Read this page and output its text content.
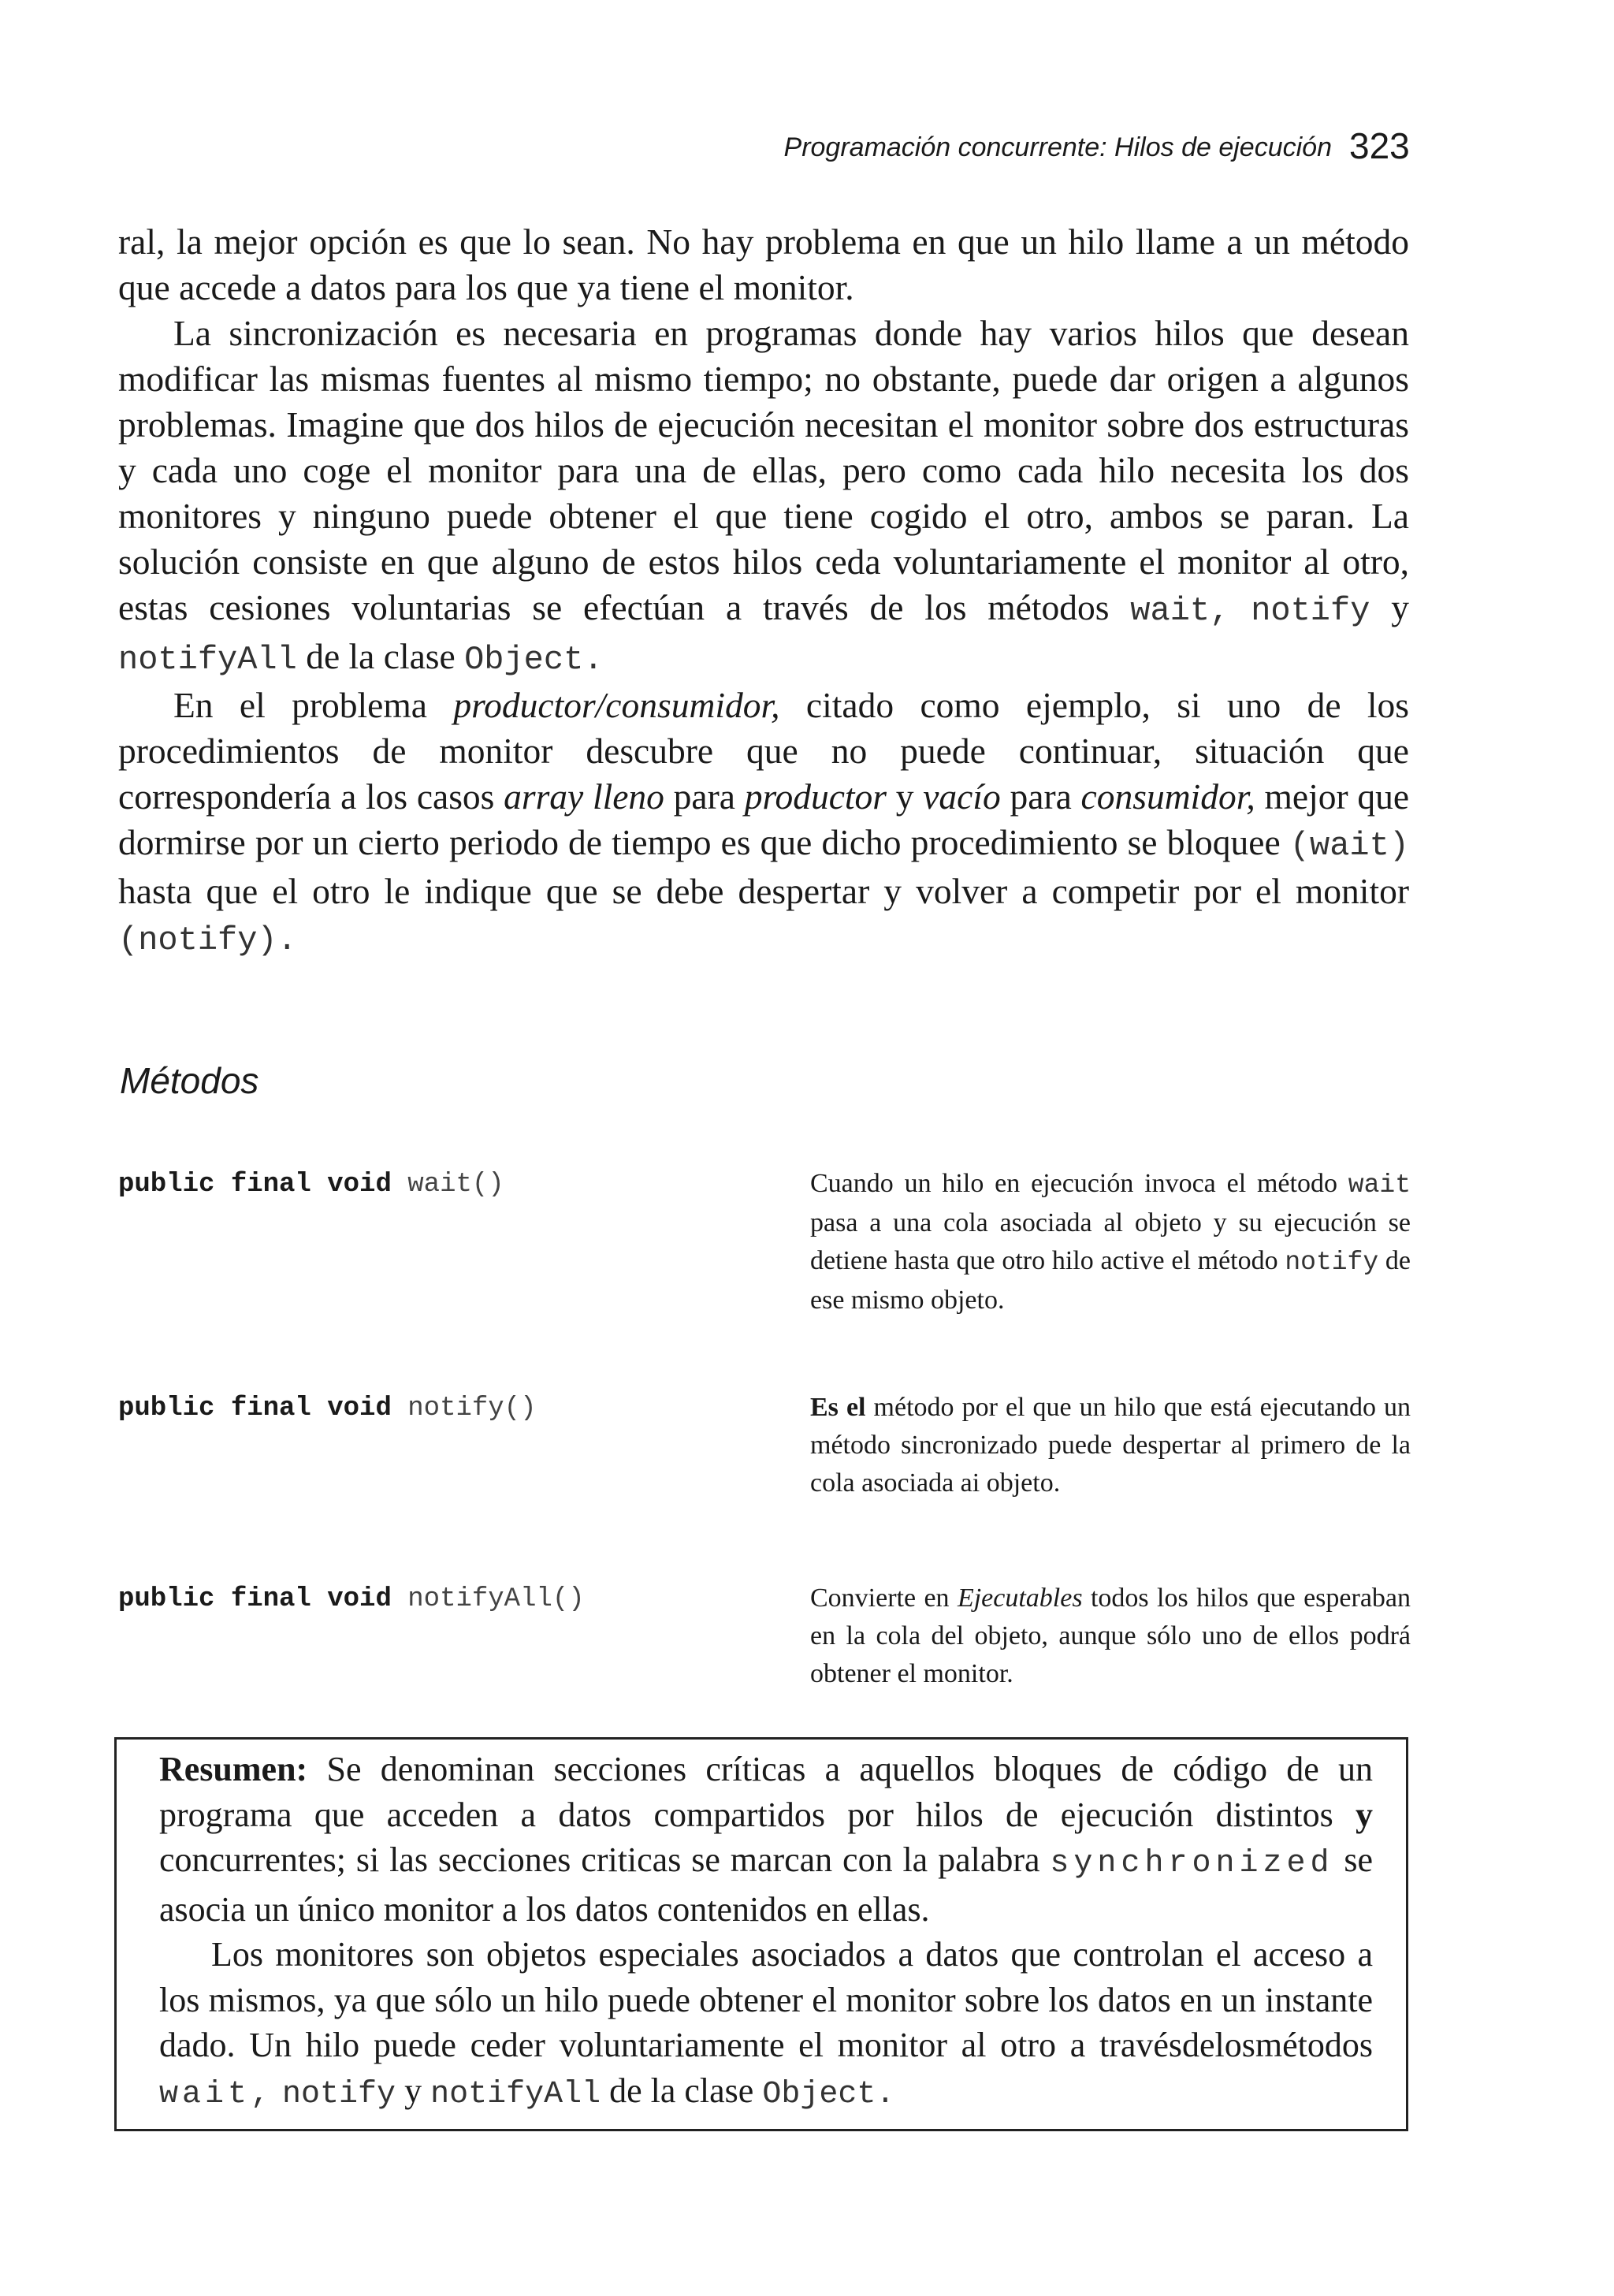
Programación concurrente: Hilos de ejecución 323

ral, la mejor opción es que lo sean. No hay problema en que un hilo llame a un método que accede a datos para los que ya tiene el monitor.

La sincronización es necesaria en programas donde hay varios hilos que desean modificar las mismas fuentes al mismo tiempo; no obstante, puede dar origen a algunos problemas. Imagine que dos hilos de ejecución necesitan el monitor sobre dos estructuras y cada uno coge el monitor para una de ellas, pero como cada hilo necesita los dos monitores y ninguno puede obtener el que tiene cogido el otro, ambos se paran. La solución consiste en que alguno de estos hilos ceda voluntariamente el monitor al otro, estas cesiones voluntarias se efectúan a través de los métodos wait, notify y notifyAll de la clase Object.

En el problema productor/consumidor, citado como ejemplo, si uno de los procedimientos de monitor descubre que no puede continuar, situación que correspondería a los casos array lleno para productor y vacío para consumidor, mejor que dormirse por un cierto periodo de tiempo es que dicho procedimiento se bloquee (wait) hasta que el otro le indique que se debe despertar y volver a competir por el monitor (notify).

Métodos
public final void wait()	Cuando un hilo en ejecución invoca el método wait pasa a una cola asociada al objeto y su ejecución se detiene hasta que otro hilo active el método notify de ese mismo objeto.
public final void notify()	Es el método por el que un hilo que está ejecutando un método sincronizado puede despertar al primero de la cola asociada ai objeto.
public final void notifyAll()	Convierte en Ejecutables todos los hilos que esperaban en la cola del objeto, aunque sólo uno de ellos podrá obtener el monitor.

Resumen: Se denominan secciones críticas a aquellos bloques de código de un programa que acceden a datos compartidos por hilos de ejecución distintos y concurrentes; si las secciones criticas se marcan con la palabra synchronized se asocia un único monitor a los datos contenidos en ellas.

Los monitores son objetos especiales asociados a datos que controlan el acceso a los mismos, ya que sólo un hilo puede obtener el monitor sobre los datos en un instante dado. Un hilo puede ceder voluntariamente el monitor al otro a travésdelosmétodos wait, notify y notifyAll de la clase Object.
